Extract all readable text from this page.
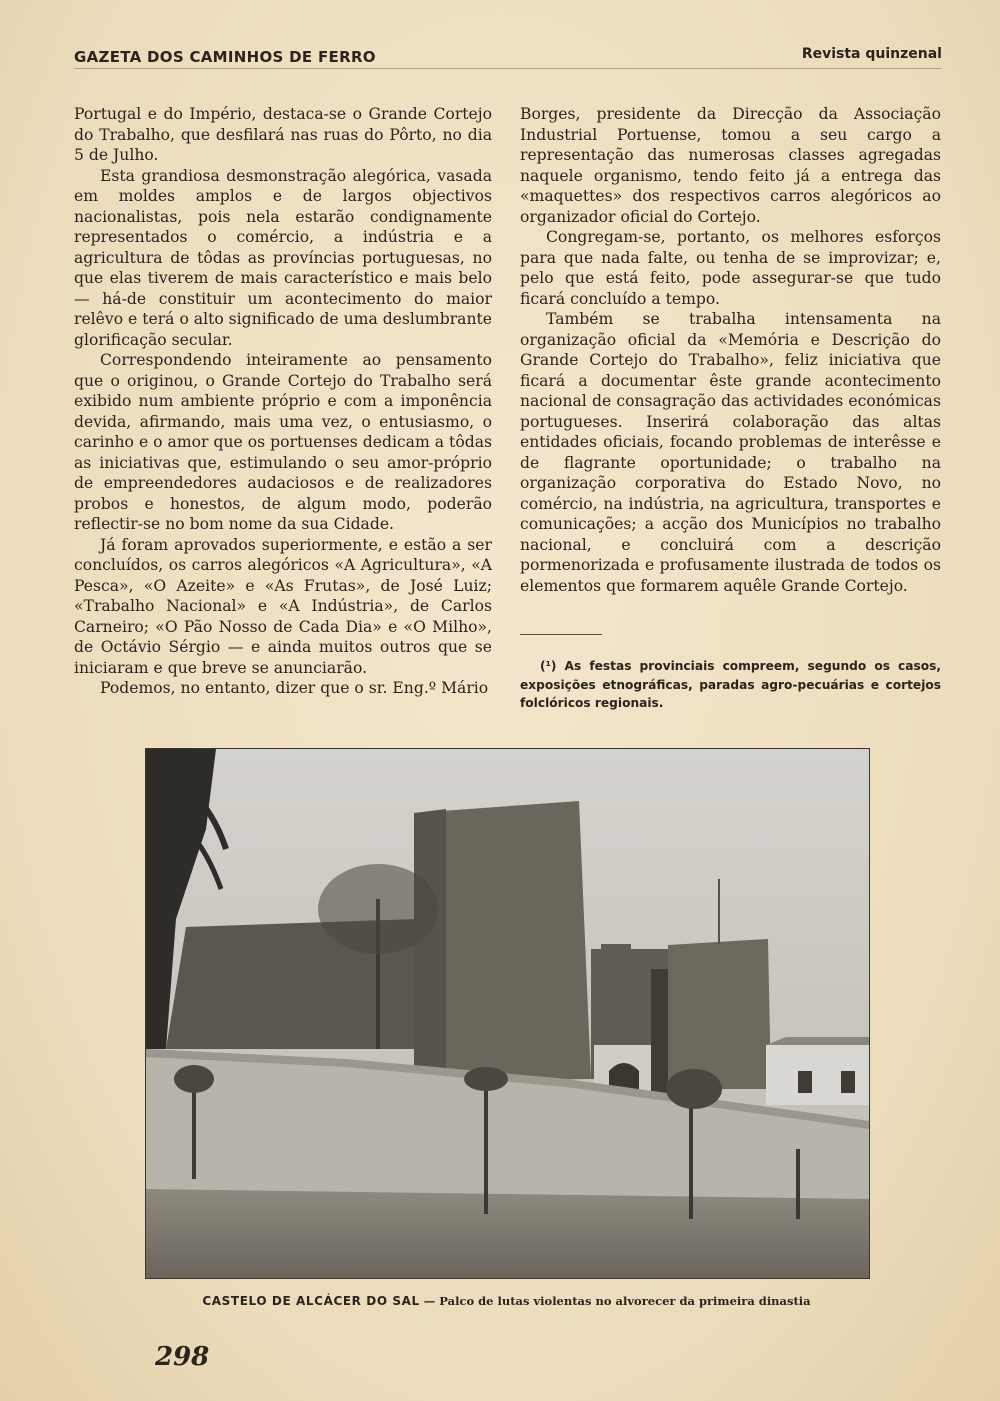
GAZETA DOS CAMINHOS DE FERRO	Revista quinzenal

Portugal e do Império, destaca-se o Grande Cortejo do Trabalho, que desfilará nas ruas do Pôrto, no dia 5 de Julho.

Esta grandiosa desmonstração alegórica, vasada em moldes amplos e de largos objectivos nacionalistas, pois nela estarão condignamente representados o comércio, a indústria e a agricultura de tôdas as províncias portuguesas, no que elas tiverem de mais característico e mais belo — há-de constituir um acontecimento do maior relêvo e terá o alto significado de uma deslumbrante glorificação secular.

Correspondendo inteiramente ao pensamento que o originou, o Grande Cortejo do Trabalho será exibido num ambiente próprio e com a imponência devida, afirmando, mais uma vez, o entusiasmo, o carinho e o amor que os portuenses dedicam a tôdas as iniciativas que, estimulando o seu amor-próprio de empreendedores audaciosos e de realizadores probos e honestos, de algum modo, poderão reflectir-se no bom nome da sua Cidade.

Já foram aprovados superiormente, e estão a ser concluídos, os carros alegóricos «A Agricultura», «A Pesca», «O Azeite» e «As Frutas», de José Luiz; «Trabalho Nacional» e «A Indústria», de Carlos Carneiro; «O Pão Nosso de Cada Dia» e «O Milho», de Octávio Sérgio — e ainda muitos outros que se iniciaram e que breve se anunciarão.

Podemos, no entanto, dizer que o sr. Eng.º Mário

Borges, presidente da Direcção da Associação Industrial Portuense, tomou a seu cargo a representação das numerosas classes agregadas naquele organismo, tendo feito já a entrega das «maquettes» dos respectivos carros alegóricos ao organizador oficial do Cortejo.

Congregam-se, portanto, os melhores esforços para que nada falte, ou tenha de se improvizar; e, pelo que está feito, pode assegurar-se que tudo ficará concluído a tempo.

Também se trabalha intensamenta na organização oficial da «Memória e Descrição do Grande Cortejo do Trabalho», feliz iniciativa que ficará a documentar êste grande acontecimento nacional de consagração das actividades económicas portugueses. Inserirá colaboração das altas entidades oficiais, focando problemas de interêsse e de flagrante oportunidade; o trabalho na organização corporativa do Estado Novo, no comércio, na indústria, na agricultura, transportes e comunicações; a acção dos Municípios no trabalho nacional, e concluirá com a descrição pormenorizada e profusamente ilustrada de todos os elementos que formarem aquêle Grande Cortejo.

(¹) As festas provinciais compreem, segundo os casos, exposições etnográficas, paradas agro-pecuárias e cortejos folclóricos regionais.
CASTELO DE ALCÁCER DO SAL — Palco de lutas violentas no alvorecer da primeira dinastia
298
